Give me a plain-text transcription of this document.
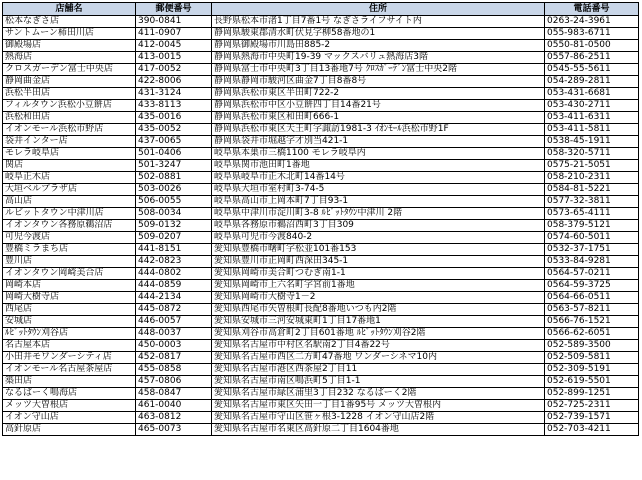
店舗名	郵便番号	住所	電話番号
松本なぎさ店	390-0841	長野県松本市渚1丁目7番1号 なぎさライフサイト内	0263-24-3961
サントムーン柿田川店	411-0907	静岡県駿東郡清水町伏見字柳58番地の1	055-983-6711
御殿場店	412-0045	静岡県御殿場市川島田885-2	0550-81-0500
熱海店	413-0015	静岡県熱海市中央町19-39 マックスバリュ熱海店3階	0557-86-2511
クロスガーデン富士中央店	417-0052	静岡県富士市中央町3丁目13番地7号 ｸﾛｽｶﾞｰﾃﾞﾝ富士中央2階	0545-55-5611
静岡曲金店	422-8006	静岡県静岡市駿河区曲金7丁目8番8号	054-289-2811
浜松半田店	431-3124	静岡県浜松市東区半田町722-2	053-431-6681
フィルタウン浜松小豆餅店	433-8113	静岡県浜松市中区小豆餅四丁目14番21号	053-430-2711
浜松和田店	435-0016	静岡県浜松市東区和田町666-1	053-411-6311
イオンモール浜松市野店	435-0052	静岡県浜松市東区天王町字諏訪1981-3 ｲｵﾝﾓｰﾙ浜松市野1F	053-411-5811
袋井インター店	437-0065	静岡県袋井市堀越字才別当421-1	0538-45-1911
モレラ岐阜店	501-0406	岐阜県本巣市三橋1100 モレラ岐阜内	058-320-5711
関店	501-3247	岐阜県関市池田町1番地	0575-21-5051
岐阜正木店	502-0881	岐阜県岐阜市正木北町14番14号	058-210-2311
大垣ベルプラザ店	503-0026	岐阜県大垣市室村町3-74-5	0584-81-5221
高山店	506-0055	岐阜県高山市上岡本町7丁目93-1	0577-32-3811
ルビットタウン中津川店	508-0034	岐阜県中津川市淀川町3-8 ﾙﾋﾞｯﾄﾀｳﾝ中津川 2階	0573-65-4111
イオンタウン各務原鵜沼店	509-0132	岐阜県各務原市鵜沼西町3丁目309	058-379-5121
可児今渡店	509-0207	岐阜県可児市今渡840-2	0574-60-5011
豊橋ミラまち店	441-8151	愛知県豊橋市曙町字松並101番153	0532-37-1751
豊川店	442-0823	愛知県豊川市正岡町西深田345-1	0533-84-9281
イオンタウン岡崎美合店	444-0802	愛知県岡崎市美合町つむぎ南1-1	0564-57-0211
岡崎本店	444-0859	愛知県岡崎市上六名町字宮前1番地	0564-59-3725
岡崎大樹寺店	444-2134	愛知県岡崎市大樹寺1－2	0564-66-0511
西尾店	445-0872	愛知県西尾市矢曽根町長配8番地いつも内2階	0563-57-8211
安城店	446-0057	愛知県安城市三河安城東町1丁目17番地1	0566-76-1521
ﾙﾋﾞｯﾄﾀｳﾝ刈谷店	448-0037	愛知県刈谷市高倉町2丁目601番地 ﾙﾋﾞｯﾄﾀｳﾝ刈谷2階	0566-62-6051
名古屋本店	450-0003	愛知県名古屋市中村区名駅南2丁目4番22号	052-589-3500
小田井モワンダーシティ店	452-0817	愛知県名古屋市西区二方町47番地 ワンダーシネマ10内	052-509-5811
イオンモール名古屋茶屋店	455-0858	愛知県名古屋市港区西茶屋2丁目11	052-309-5191
築田店	457-0806	愛知県名古屋市南区鳴浜町5丁目1-1	052-619-5501
なるぱーく鳴海店	458-0847	愛知県名古屋市緑区浦里3丁目232 なるぱーく2階	052-899-1251
メッツ大曽根店	461-0040	愛知県名古屋市東区矢田一丁目1番95号 メッツ大曽根内	052-725-2311
イオン守山店	463-0812	愛知県名古屋市守山区笹ヶ根3-1228 イオン守山店2階	052-739-1571
高針原店	465-0073	愛知県名古屋市名東区高針原二丁目1604番地	052-703-4211
